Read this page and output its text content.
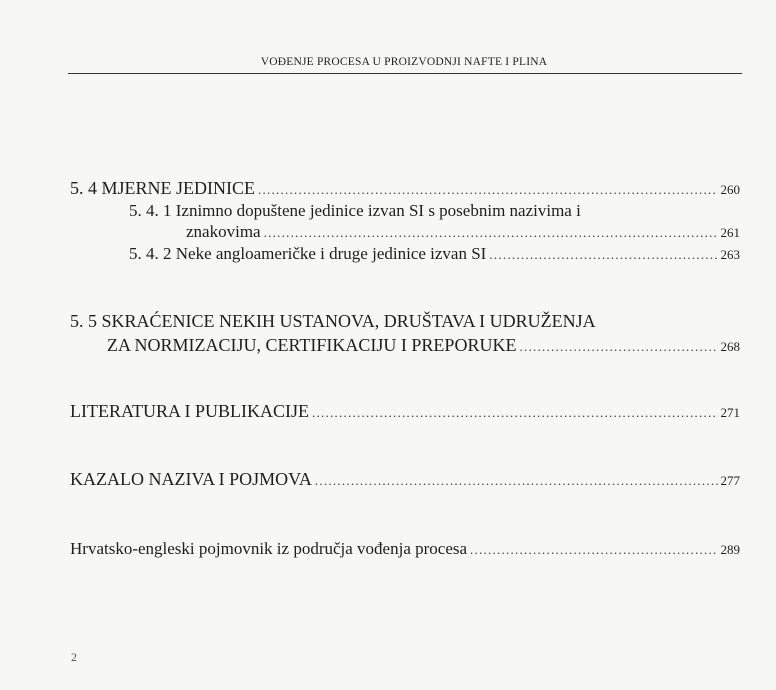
VOĐENJE PROCESA U PROIZVODNJI NAFTE I PLINA
5. 4 MJERNE JEDINICE . . .	260
5. 4. 1 Iznimno dopuštene jedinice izvan SI s posebnim nazivima i
znakovima . . .	261
5. 4. 2 Neke angloameričke i druge jedinice izvan SI . . .	263
5. 5 SKRAĆENICE NEKIH USTANOVA, DRUŠTAVA I UDRUŽENJA
ZA NORMIZACIJU, CERTIFIKACIJU I PREPORUKE . . .	268
LITERATURA I PUBLIKACIJE . . .	271
KAZALO NAZIVA I POJMOVA . . .	277
Hrvatsko-engleski pojmovnik iz područja vođenja procesa . . .	289
2
